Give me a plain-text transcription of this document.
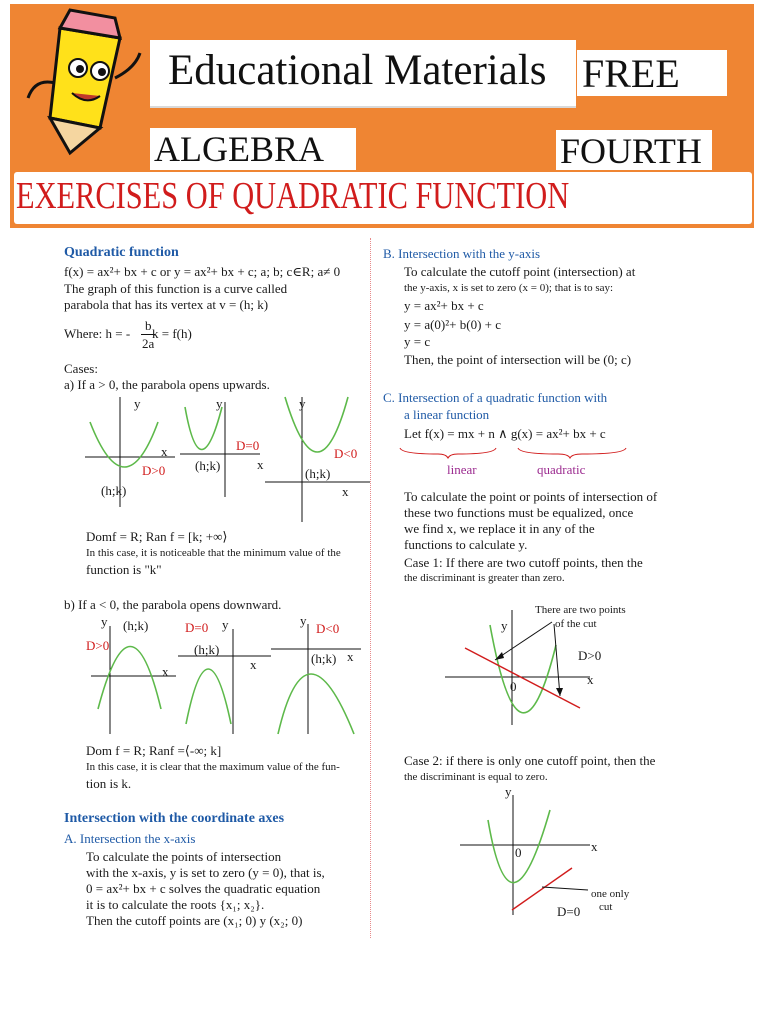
Educational Materials FREE
ALGEBRA	FOURTH
EXERCISES OF QUADRATIC FUNCTION
Quadratic function
f(x) = ax²+ bx + c or y = ax²+ bx + c; a; b; c∈R; a≠ 0
The graph of this function is a curve called
parabola that has its vertex at v = (h; k)
Where: h = -
b
2a
k = f(h)
Cases:
a) If a > 0, the parabola opens upwards.
y
x
D>0
(h;k)
y
D=0
(h;k)	x
y
D<0
(h;k)
x
Domf = R; Ran f = [k; +∞⟩
In this case, it is noticeable that the minimum value of the
function is "k"
b) If a < 0, the parabola opens downward.
y (h;k)
D>0
x
D=0 y
(h;k)
x
y
D<0
x
(h;k)
Dom f = R; Ranf =⟨-∞; k]
In this case, it is clear that the maximum value of the fun-
tion is k.
Intersection with the coordinate axes
A. Intersection the x-axis
To calculate the points of intersection
with the x-axis, y is set to zero (y = 0), that is,
0 = ax²+ bx + c solves the quadratic equation
it is to calculate the roots {x₁; x₂}.
Then the cutoff points are (x₁; 0) y (x₂; 0)
B. Intersection with the y-axis
To calculate the cutoff point (intersection) at
the y-axis, x is set to zero (x = 0); that is to say:
y = ax²+ bx + c
y = a(0)²+ b(0) + c
y = c
Then, the point of intersection will be (0; c)
C. Intersection of a quadratic function with
a linear function
Let f(x) = mx + n ∧ g(x) = ax²+ bx + c
linear	quadratic
To calculate the point or points of intersection of
these two functions must be equalized, once
we find x, we replace it in any of the
functions to calculate y.
Case 1: If there are two cutoff points, then the
the discriminant is greater than zero.
There are two points
of the cut
y
D>0
0	x
Case 2: if there is only one cutoff point, then the
the discriminant is equal to zero.
y
0	x
one only
cut
D=0
